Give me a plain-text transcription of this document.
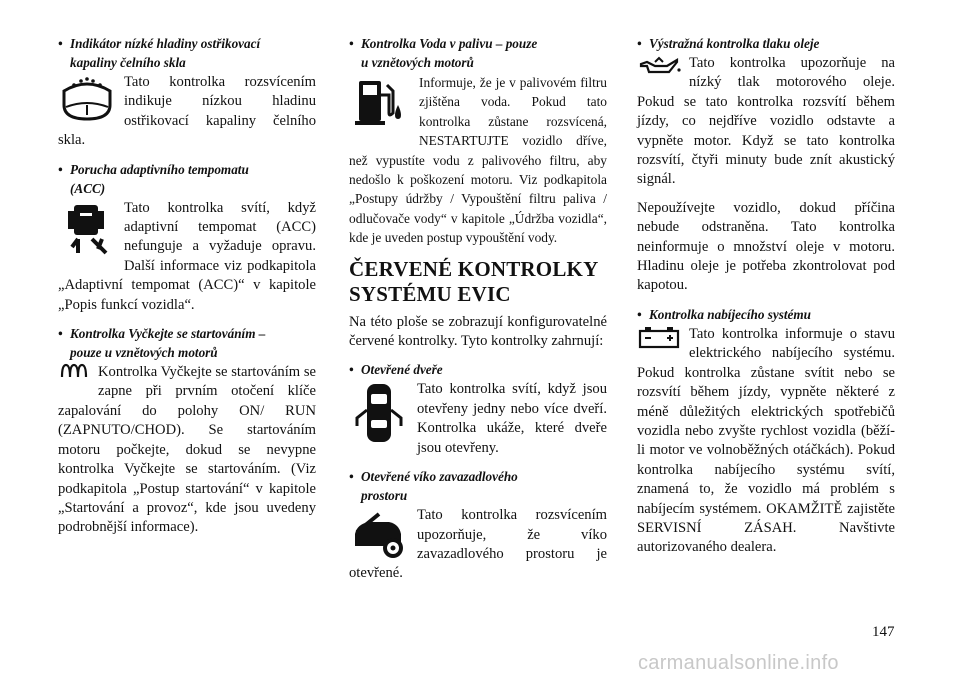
• Indikátor nízké hladiny ostřikovací
kapaliny čelního skla

Tato kontrolka rozsvícením indikuje nízkou hladinu ostřikovací kapaliny čelního skla.

• Porucha adaptivního tempomatu
(ACC)

Tato kontrolka svítí, když adaptivní tempomat (ACC) nefunguje a vyžaduje opravu. Další informace viz podkapitola „Adaptivní tempomat (ACC)“ v kapitole „Popis funkcí vozidla“.

• Kontrolka Vyčkejte se startováním –
pouze u vznětových motorů

Kontrolka Vyčkejte se startováním se zapne při prvním otočení klíče zapalování do polohy ON/ RUN (ZAPNUTO/CHOD). Se startováním motoru počkejte, dokud se nevypne kontrolka Vyčkejte se startováním. (Viz podkapitola „Postup startování“ v kapitole „Startování a provoz“, kde jsou uvedeny podrobnější informace).

• Kontrolka Voda v palivu – pouze
u vznětových motorů

Informuje, že je v palivovém filtru zjištěna voda. Pokud tato kontrolka zůstane rozsvícená, NESTARTUJTE vozidlo dříve, než vypustíte vodu z palivového filtru, aby nedošlo k poškození motoru. Viz podkapitola „Postupy údržby / Vypouštění filtru paliva / odlučovače vody“ v kapitole „Údržba vozidla“, kde je uveden postup vypouštění vody.

ČERVENÉ KONTROLKY
SYSTÉMU EVIC

Na této ploše se zobrazují konfigurovatelné červené kontrolky. Tyto kontrolky zahrnují:

• Otevřené dveře

Tato kontrolka svítí, když jsou otevřeny jedny nebo více dveří. Kontrolka ukáže, které dveře jsou otevřeny.

• Otevřené víko zavazadlového
prostoru

Tato kontrolka rozsvícením upozorňuje, že víko zavazadlového prostoru je otevřené.

• Výstražná kontrolka tlaku oleje

Tato kontrolka upozorňuje na nízký tlak motorového oleje. Pokud se tato kontrolka rozsvítí během jízdy, co nejdříve vozidlo odstavte a vypněte motor. Když se tato kontrolka rozsvítí, čtyři minuty bude znít akustický signál.

Nepoužívejte vozidlo, dokud příčina nebude odstraněna. Tato kontrolka neinformuje o množství oleje v motoru. Hladinu oleje je potřeba zkontrolovat pod kapotou.

• Kontrolka nabíjecího systému

Tato kontrolka informuje o stavu elektrického nabíjecího systému. Pokud kontrolka zůstane svítit nebo se rozsvítí během jízdy, vypněte některé z méně důležitých elektrických spotřebičů vozidla nebo zvyšte rychlost vozidla (běží-li motor ve volnoběžných otáčkách). Pokud kontrolka nabíjecího systému svítí, znamená to, že vozidlo má problém s nabíjecím systémem. OKAMŽITĚ zajistěte SERVISNÍ ZÁSAH. Navštivte autorizovaného dealera.

147
carmanualsonline.info
